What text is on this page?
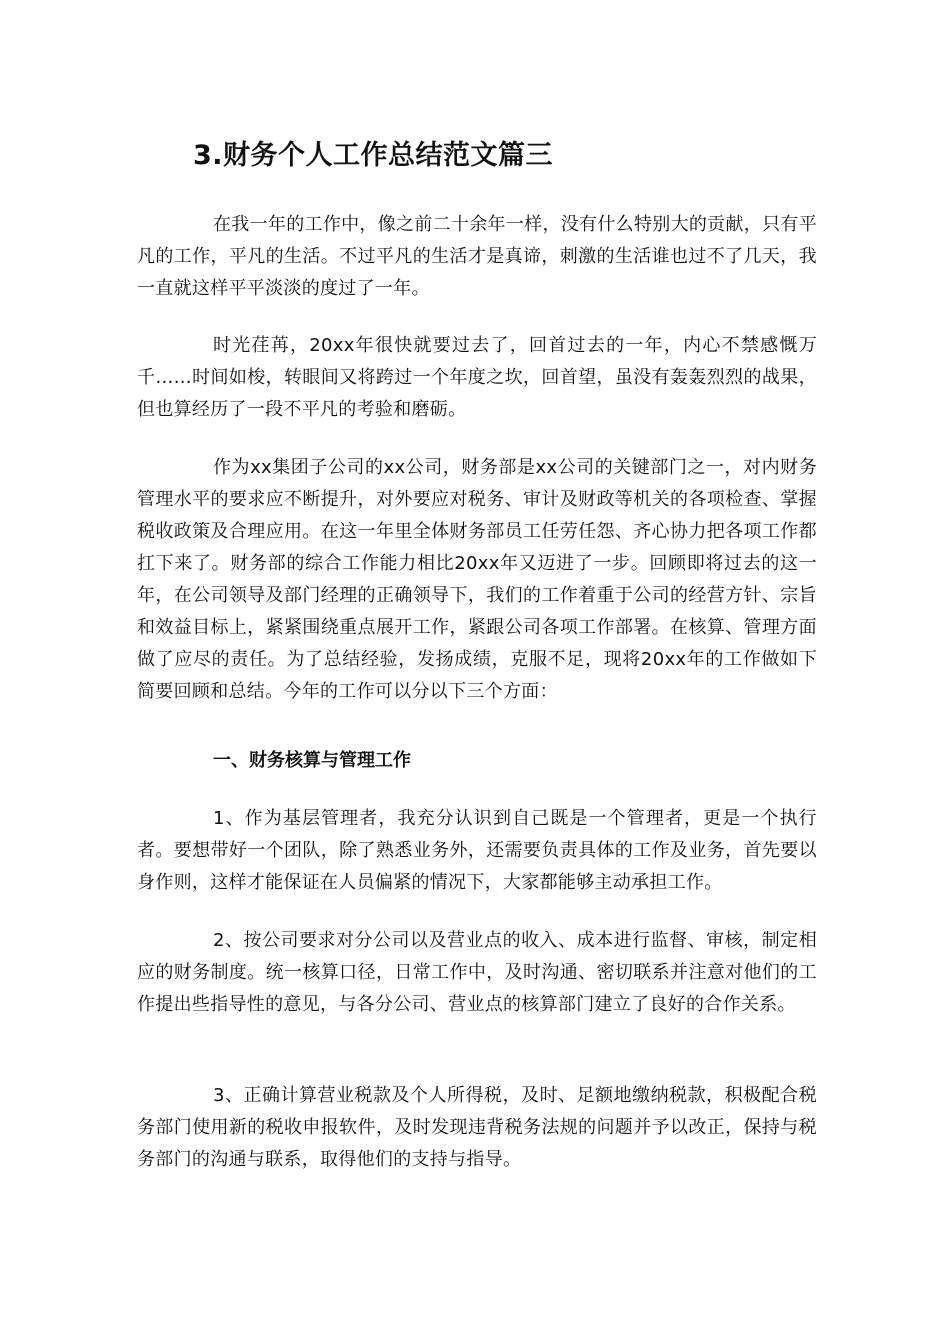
3.财务个人工作总结范文篇三

在我一年的工作中，像之前二十余年一样，没有什么特别大的贡献，只有平凡的工作，平凡的生活。不过平凡的生活才是真谛，刺激的生活谁也过不了几天，我一直就这样平平淡淡的度过了一年。

时光荏苒，20xx年很快就要过去了，回首过去的一年，内心不禁感慨万千……时间如梭，转眼间又将跨过一个年度之坎，回首望，虽没有轰轰烈烈的战果，但也算经历了一段不平凡的考验和磨砺。

作为xx集团子公司的xx公司，财务部是xx公司的关键部门之一，对内财务管理水平的要求应不断提升，对外要应对税务、审计及财政等机关的各项检查、掌握税收政策及合理应用。在这一年里全体财务部员工任劳任怨、齐心协力把各项工作都扛下来了。财务部的综合工作能力相比20xx年又迈进了一步。回顾即将过去的这一年，在公司领导及部门经理的正确领导下，我们的工作着重于公司的经营方针、宗旨和效益目标上，紧紧围绕重点展开工作，紧跟公司各项工作部署。在核算、管理方面做了应尽的责任。为了总结经验，发扬成绩，克服不足，现将20xx年的工作做如下简要回顾和总结。今年的工作可以分以下三个方面：

一、财务核算与管理工作

1、作为基层管理者，我充分认识到自己既是一个管理者，更是一个执行者。要想带好一个团队，除了熟悉业务外，还需要负责具体的工作及业务，首先要以身作则，这样才能保证在人员偏紧的情况下，大家都能够主动承担工作。

2、按公司要求对分公司以及营业点的收入、成本进行监督、审核，制定相应的财务制度。统一核算口径，日常工作中，及时沟通、密切联系并注意对他们的工作提出些指导性的意见，与各分公司、营业点的核算部门建立了良好的合作关系。

3、正确计算营业税款及个人所得税，及时、足额地缴纳税款，积极配合税务部门使用新的税收申报软件，及时发现违背税务法规的问题并予以改正，保持与税务部门的沟通与联系，取得他们的支持与指导。
